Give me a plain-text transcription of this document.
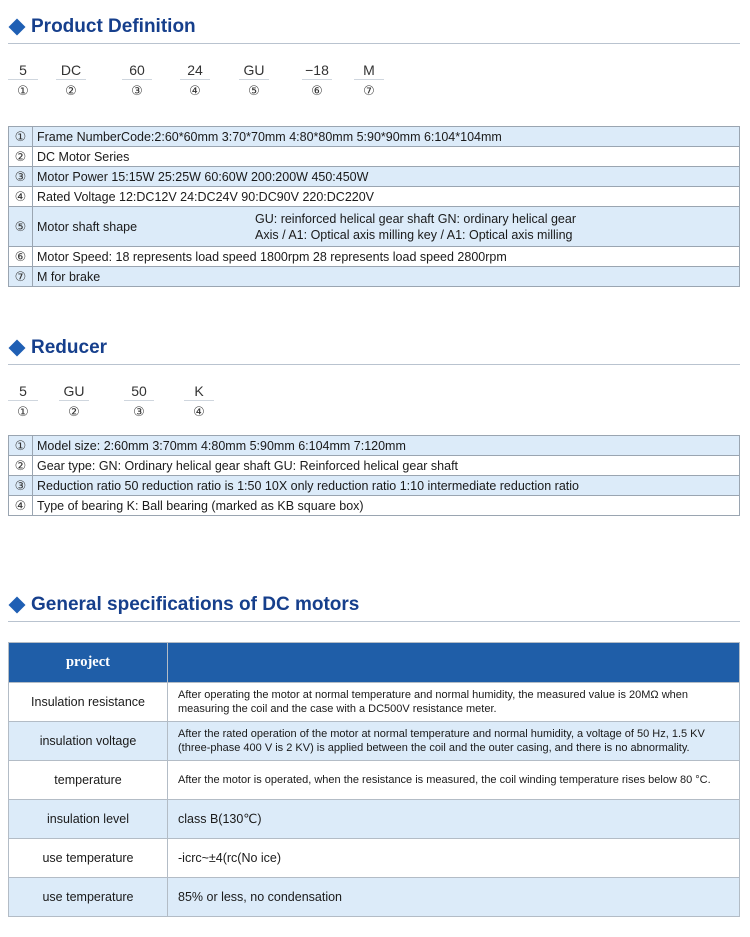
Product Definition
5
①
DC
②
60
③
24
④
GU
⑤
−18
⑥
M
⑦
①	Frame NumberCode:2:60*60mm 3:70*70mm 4:80*80mm 5:90*90mm 6:104*104mm
②	DC Motor Series
③	Motor Power 15:15W 25:25W 60:60W 200:200W 450:450W
④	Rated Voltage 12:DC12V 24:DC24V 90:DC90V 220:DC220V
⑤	Motor shaft shape
GU: reinforced helical gear shaft GN: ordinary helical gear
Axis / A1: Optical axis milling key / A1: Optical axis milling

⑥	Motor Speed: 18 represents load speed 1800rpm 28 represents load speed 2800rpm
⑦	M for brake
Reducer
5
①
GU
②
50
③
K
④
①	Model size: 2:60mm 3:70mm 4:80mm 5:90mm 6:104mm 7:120mm
②	Gear type: GN: Ordinary helical gear shaft GU: Reinforced helical gear shaft
③	Reduction ratio 50 reduction ratio is 1:50 10X only reduction ratio 1:10 intermediate reduction ratio
④	Type of bearing K: Ball bearing (marked as KB square box)
General specifications of DC motors
project	
Insulation resistance	After operating the motor at normal temperature and normal humidity, the measured value is 20MΩ when measuring the coil and the case with a DC500V resistance meter.
insulation voltage	After the rated operation of the motor at normal temperature and normal humidity, a voltage of 50 Hz, 1.5 KV (three-phase 400 V is 2 KV) is applied between the coil and the outer casing, and there is no abnormality.
temperature	After the motor is operated, when the resistance is measured, the coil winding temperature rises below 80 °C.
insulation level	class B(130℃)
use temperature	-icrc~±4(rc(No ice)
use temperature	85% or less, no condensation
